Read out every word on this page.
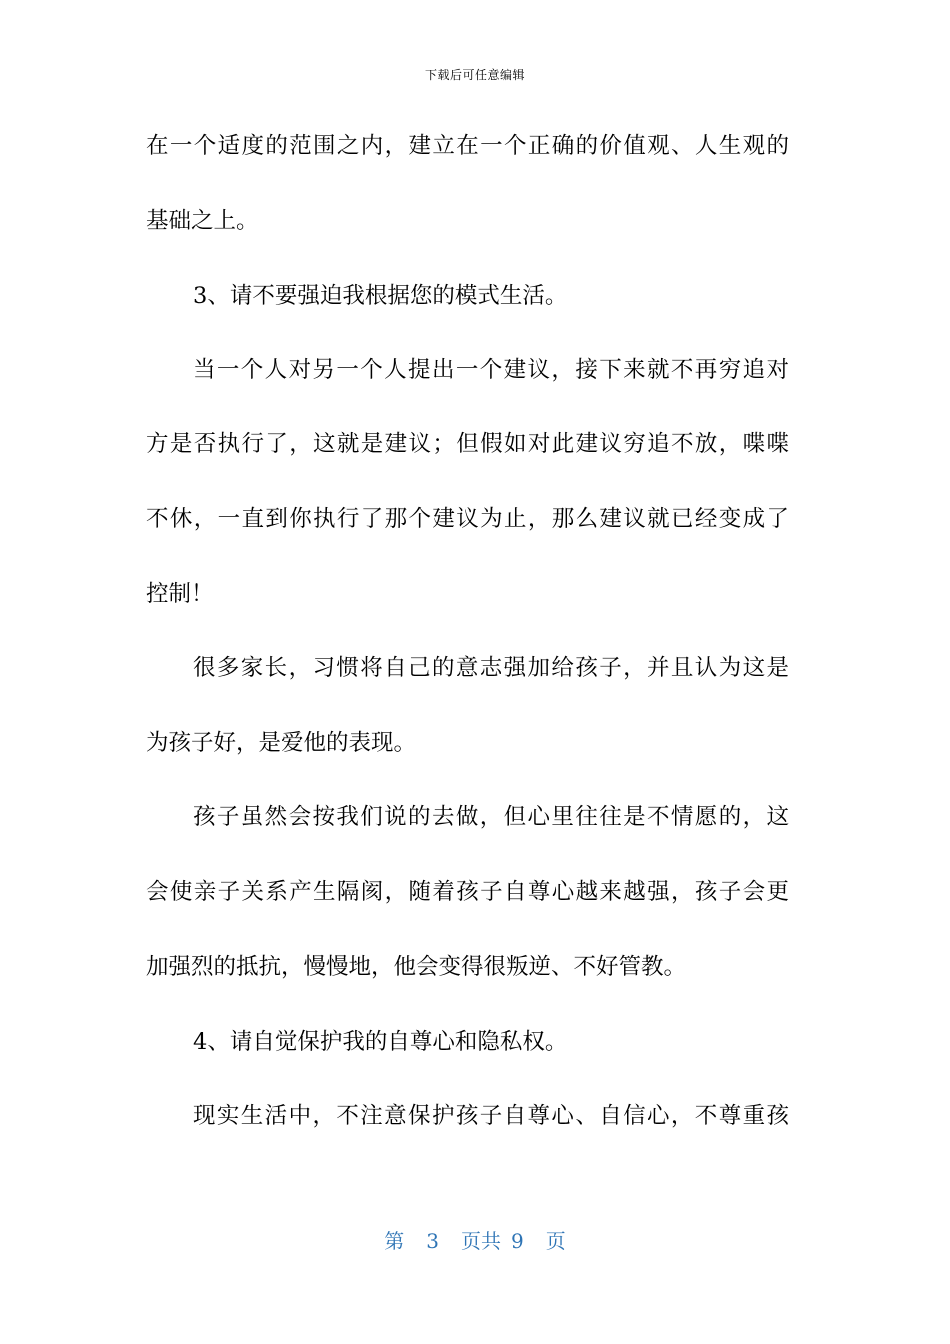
下载后可任意编辑
在一个适度的范围之内，建立在一个正确的价值观、人生观的
基础之上。
3、请不要强迫我根据您的模式生活。
当一个人对另一个人提出一个建议，接下来就不再穷追对
方是否执行了，这就是建议；但假如对此建议穷追不放，喋喋
不休，一直到你执行了那个建议为止，那么建议就已经变成了
控制！
很多家长，习惯将自己的意志强加给孩子，并且认为这是
为孩子好，是爱他的表现。
孩子虽然会按我们说的去做，但心里往往是不情愿的，这
会使亲子关系产生隔阂，随着孩子自尊心越来越强，孩子会更
加强烈的抵抗，慢慢地，他会变得很叛逆、不好管教。
4、请自觉保护我的自尊心和隐私权。
现实生活中，不注意保护孩子自尊心、自信心，不尊重孩
第 3 页共 9 页
